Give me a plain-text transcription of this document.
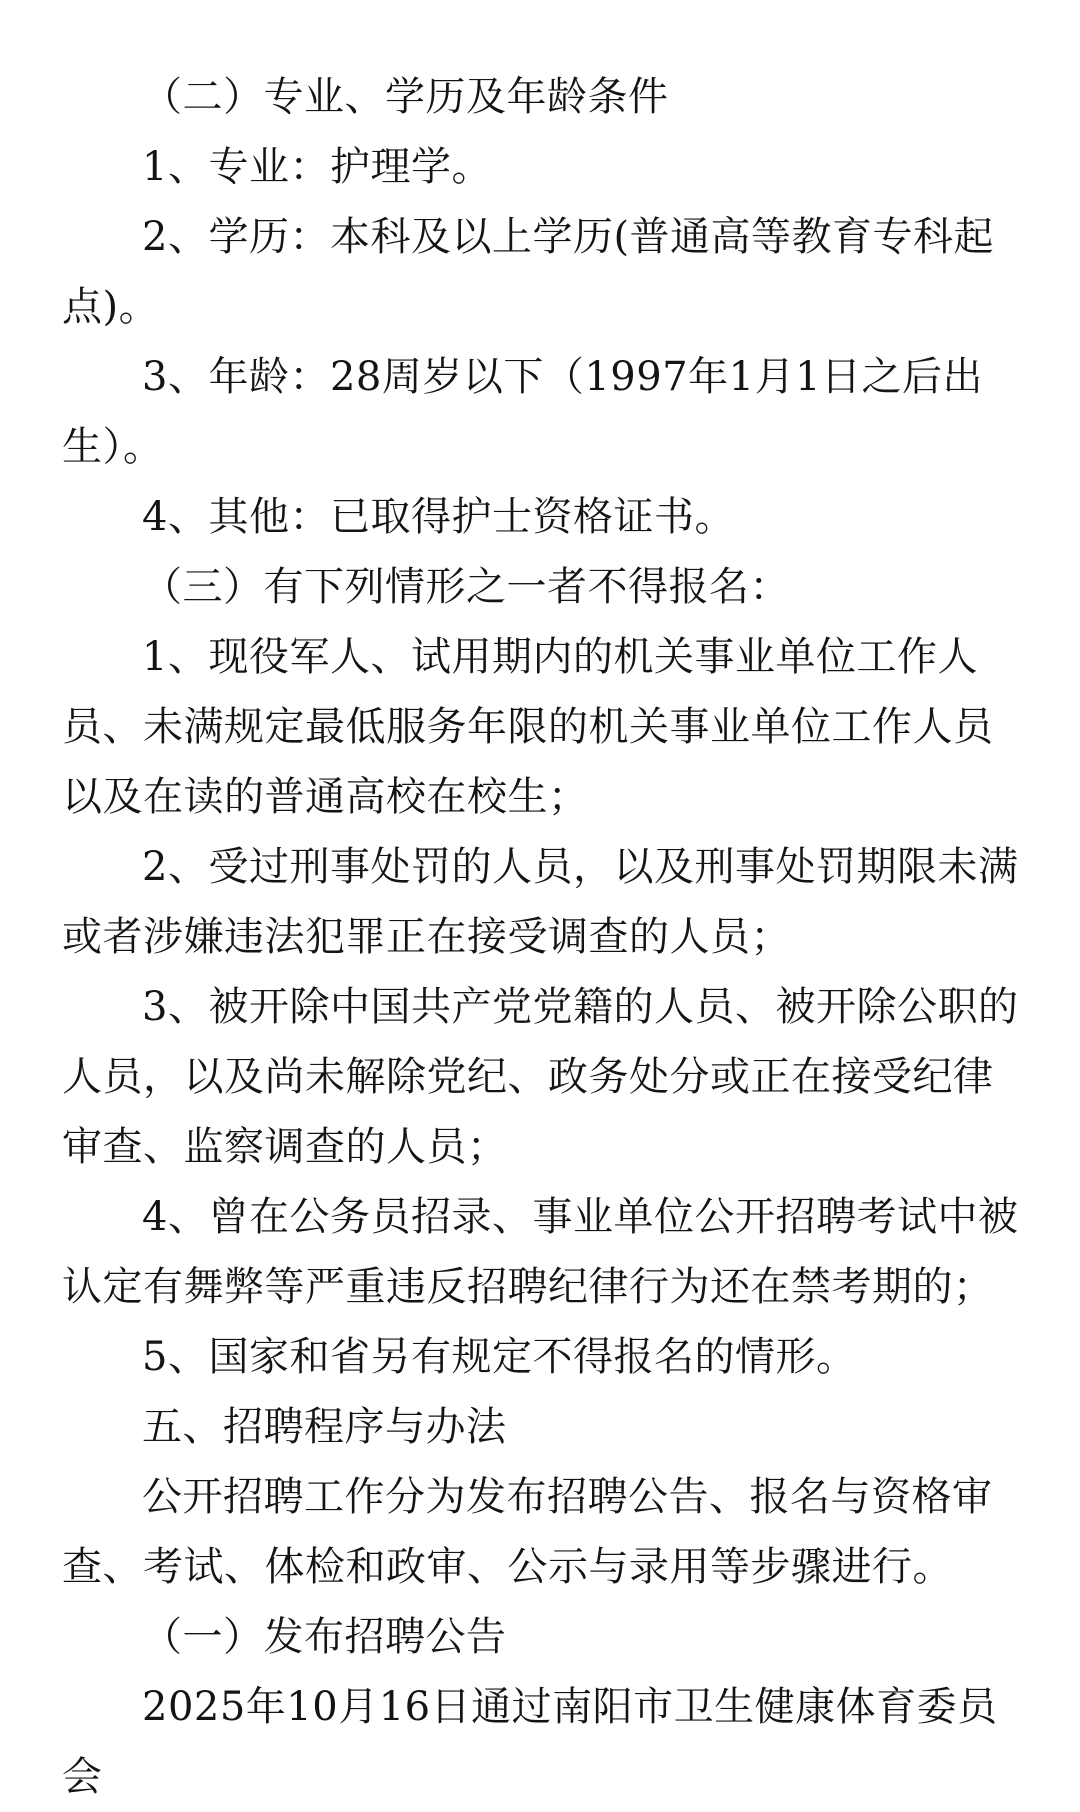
（二）专业、学历及年龄条件

1、专业：护理学。

2、学历：本科及以上学历(普通高等教育专科起点)。

3、年龄：28周岁以下（1997年1月1日之后出生）。

4、其他：已取得护士资格证书。

（三）有下列情形之一者不得报名：

1、现役军人、试用期内的机关事业单位工作人员、未满规定最低服务年限的机关事业单位工作人员以及在读的普通高校在校生；

2、受过刑事处罚的人员，以及刑事处罚期限未满或者涉嫌违法犯罪正在接受调查的人员；

3、被开除中国共产党党籍的人员、被开除公职的人员，以及尚未解除党纪、政务处分或正在接受纪律审查、监察调查的人员；

4、曾在公务员招录、事业单位公开招聘考试中被认定有舞弊等严重违反招聘纪律行为还在禁考期的；

5、国家和省另有规定不得报名的情形。

五、招聘程序与办法

公开招聘工作分为发布招聘公告、报名与资格审查、考试、体检和政审、公示与录用等步骤进行。

（一）发布招聘公告

2025年10月16日通过南阳市卫生健康体育委员会
